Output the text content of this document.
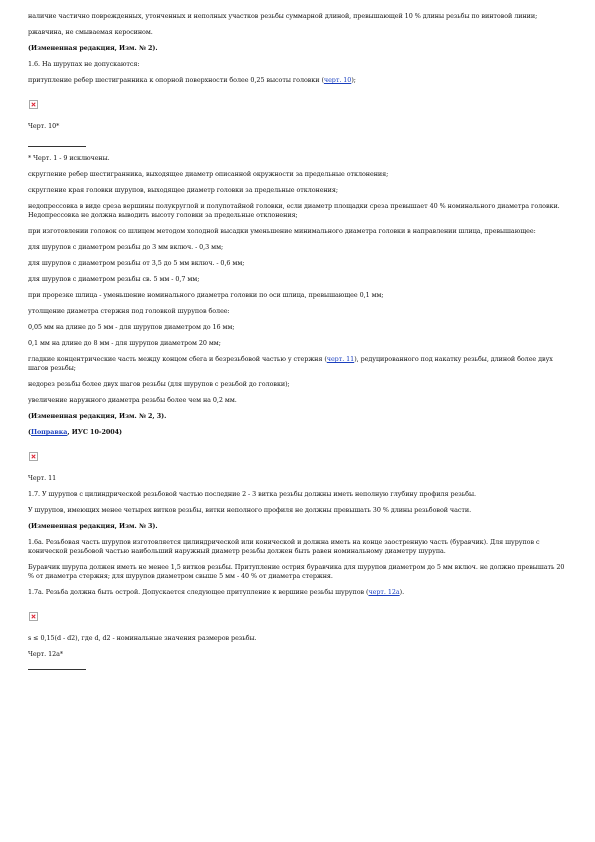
наличие частично поврежденных, утонченных и неполных участков резьбы суммарной длиной, превышающей 10 % длины резьбы по винтовой линии;

ржавчина, не смываемая керосином.

(Измененная редакция, Изм. № 2).

1.6. На шурупах не допускаются:

притупление ребер шестигранника к опорной поверхности более 0,25 высоты головки (черт. 10);

Черт. 10*

* Черт. 1 - 9 исключены.

скругление ребер шестигранника, выходящее диаметр описанной окружности за предельные отклонения;

скругление края головки шурупов, выходящее диаметр головки за предельные отклонения;

недопрессовка в виде среза вершины полукруглой и полупотайной головки, если диаметр площадки среза превышает 40 % номинального диаметра головки. Недопрессовка не должна выводить высоту головки за предельные отклонения;

при изготовлении головок со шлицем методом холодной высадки уменьшение минимального диаметра головки в направлении шлица, превышающее:

для шурупов с диаметром резьбы до 3 мм включ. - 0,3 мм;

для шурупов с диаметром резьбы от 3,5 до 5 мм включ. - 0,6 мм;

для шурупов с диаметром резьбы св. 5 мм - 0,7 мм;

при прорезке шлица - уменьшение номинального диаметра головки по оси шлица, превышающее 0,1 мм;

утолщение диаметра стержня под головкой шурупов более:

0,05 мм на длине до 5 мм - для шурупов диаметром до 16 мм;

0,1 мм на длине до 8 мм - для шурупов диаметром 20 мм;

гладкие концентрические часть между концом сбега и безрезьбовой частью у стержня (черт. 11), редуцированного под накатку резьбы, длиной более двух шагов резьбы;

недорез резьбы более двух шагов резьбы (для шурупов с резьбой до головки);

увеличение наружного диаметра резьбы более чем на 0,2 мм.

(Измененная редакция, Изм. № 2, 3).

(Поправка, ИУС 10-2004)

Черт. 11

1.7. У шурупов с цилиндрической резьбовой частью последние 2 - 3 витка резьбы должны иметь неполную глубину профиля резьбы.

У шурупов, имеющих менее четырех витков резьбы, витки неполного профиля не должны превышать 30 % длины резьбовой части.

(Измененная редакция, Изм. № 3).

1.6а. Резьбовая часть шурупов изготовляется цилиндрической или конической и должна иметь на конце заостренную часть (буравчик). Для шурупов с конической резьбовой частью наибольший наружный диаметр резьбы должен быть равен номинальному диаметру шурупа.

Буравчик шурупа должен иметь не менее 1,5 витков резьбы. Притупление острия буравчика для шурупов диаметром до 5 мм включ. не должно превышать 20 % от диаметра стержня; для шурупов диаметром свыше 5 мм - 40 % от диаметра стержня.

1.7а. Резьба должна быть острой. Допускается следующее притупление к вершине резьбы шурупов (черт. 12а).

s ≤ 0,15(d - d2), где d, d2 - номинальные значения размеров резьбы.

Черт. 12а*
